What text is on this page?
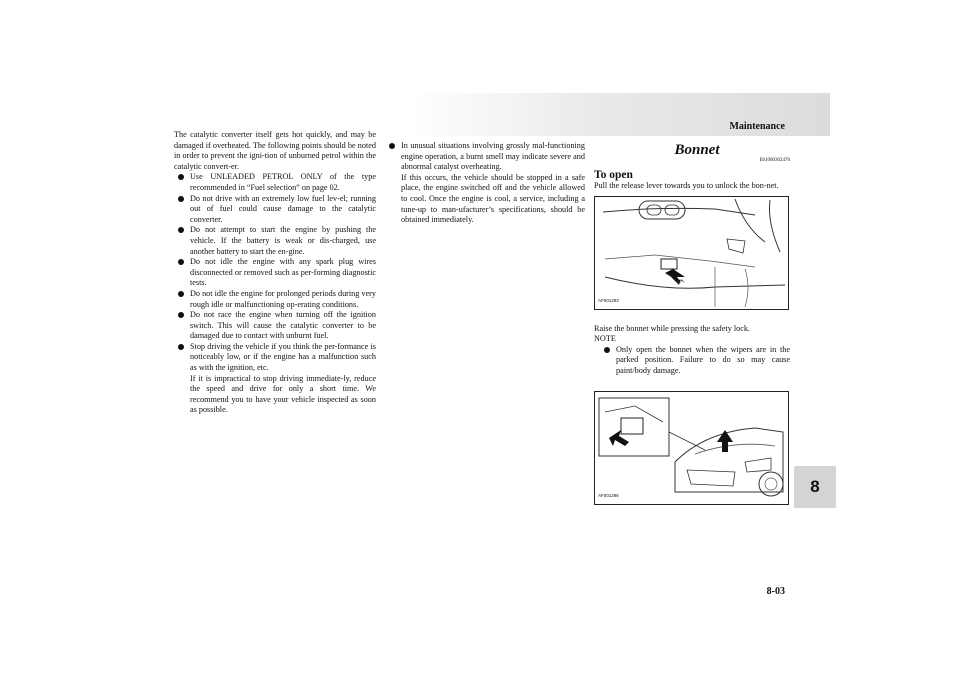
Maintenance

The catalytic converter itself gets hot quickly, and may be damaged if overheated. The following points should be noted in order to prevent the igni-tion of unburned petrol within the catalytic convert-er.

Use UNLEADED PETROL ONLY of the type recommended in “Fuel selection” on page 02.
Do not drive with an extremely low fuel lev-el; running out of fuel could cause damage to the catalytic converter.
Do not attempt to start the engine by pushing the vehicle. If the battery is weak or dis-charged, use another battery to start the en-gine.
Do not idle the engine with any spark plug wires disconnected or removed such as per-forming diagnostic tests.
Do not idle the engine for prolonged periods during very rough idle or malfunctioning op-erating conditions.
Do not race the engine when turning off the ignition switch. This will cause the catalytic converter to be damaged due to contact with unburnt fuel.
Stop driving the vehicle if you think the per-formance is noticeably low, or if the engine has a malfunction such as with the ignition, etc.
If it is impractical to stop driving immediate-ly, reduce the speed and drive for only a short time. We recommend you to have your vehicle inspected as soon as possible.
In unusual situations involving grossly mal-functioning engine operation, a burnt smell may indicate severe and abnormal catalyst overheating.
If this occurs, the vehicle should be stopped in a safe place, the engine switched off and the vehicle allowed to cool. Once the engine is cool, a service, including a tune-up to man-ufacturer’s specifications, should be obtained immediately.
Bonnet
E01000302470
To open

Pull the release lever towards you to unlock the bon-net.

AF001283

Raise the bonnet while pressing the safety lock.

NOTE

Only open the bonnet when the wipers are in the parked position. Failure to do so may cause paint/body damage.
AF001286	8
8-03
